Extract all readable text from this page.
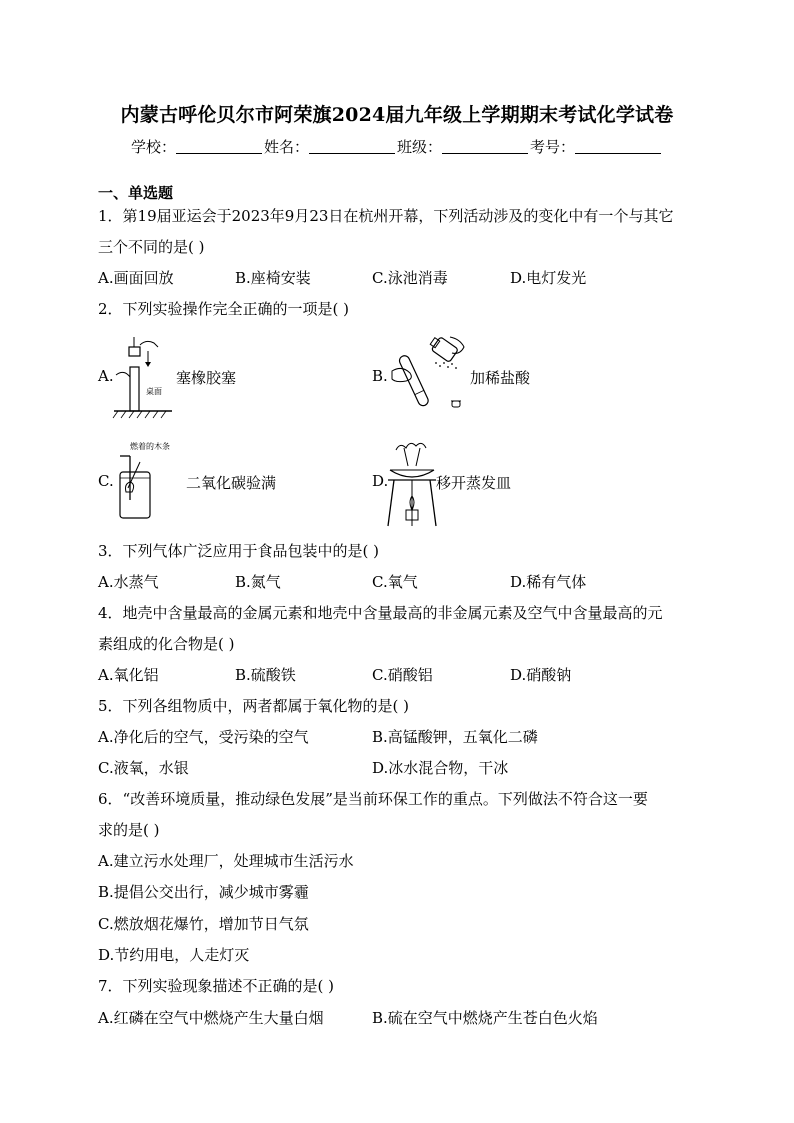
内蒙古呼伦贝尔市阿荣旗2024届九年级上学期期末考试化学试卷
学校：	姓名：	班级：	考号：
一、单选题
1．第19届亚运会于2023年9月23日在杭州开幕，下列活动涉及的变化中有一个与其它
三个不同的是( )
A.画面回放	B.座椅安装	C.泳池消毒	D.电灯发光
2．下列实验操作完全正确的一项是( )
A.
桌面
塞橡胶塞	B.	加稀盐酸
燃着的木条
C.	二氧化碳验满	D.	移开蒸发皿
3．下列气体广泛应用于食品包装中的是( )
A.水蒸气	B.氮气	C.氧气	D.稀有气体
4．地壳中含量最高的金属元素和地壳中含量最高的非金属元素及空气中含量最高的元
素组成的化合物是( )
A.氧化铝	B.硫酸铁	C.硝酸铝	D.硝酸钠
5．下列各组物质中，两者都属于氧化物的是( )
A.净化后的空气，受污染的空气	B.高锰酸钾，五氧化二磷
C.液氧，水银	D.冰水混合物，干冰
6．“改善环境质量，推动绿色发展”是当前环保工作的重点。下列做法不符合这一要
求的是( )
A.建立污水处理厂，处理城市生活污水
B.提倡公交出行，减少城市雾霾
C.燃放烟花爆竹，增加节日气氛
D.节约用电，人走灯灭
7．下列实验现象描述不正确的是( )
A.红磷在空气中燃烧产生大量白烟	B.硫在空气中燃烧产生苍白色火焰
